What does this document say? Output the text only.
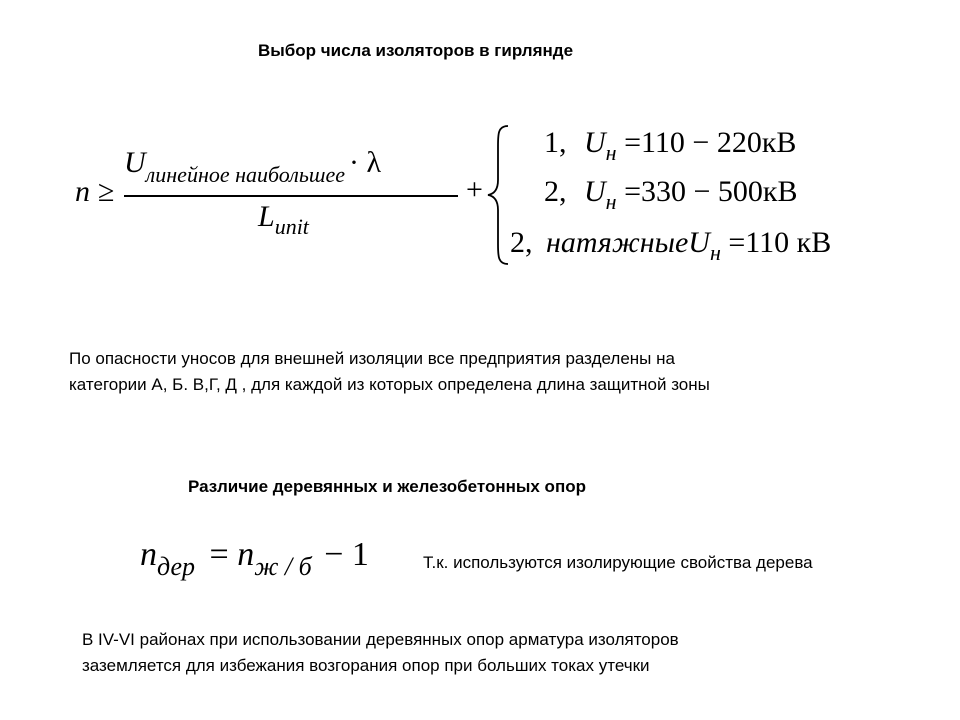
Выбор числа изоляторов в гирлянде
n ≥
$U_{линейное наибольшее} \cdot \lambda$
$L_{unit}$
+
1, $U_н =110 - 220кВ$
2, $U_н =330 - 500кВ$
2, натяжныеU$_н$ =110 кВ
По опасности уносов для внешней изоляции все предприятия разделены на
категории А, Б. В,Г, Д , для каждой из которых определена длина защитной зоны
Различие деревянных и железобетонных опор
$n_{дер} = n_{ж / б} - 1$	Т.к. используются изолирующие свойства дерева
В IV-VI районах при использовании деревянных опор арматура изоляторов
заземляется для избежания возгорания опор при больших токах утечки
